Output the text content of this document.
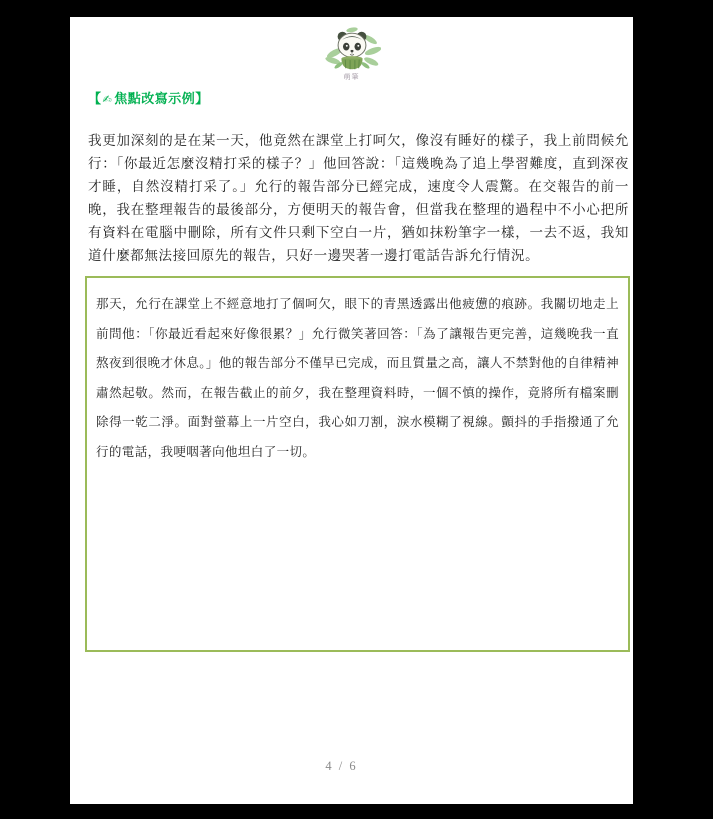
萌筆
【✍ 焦點改寫示例】
我更加深刻的是在某一天，他竟然在課堂上打呵欠，像沒有睡好的樣子，我上前問候允行：「你最近怎麼沒精打采的樣子？」他回答說：「這幾晚為了追上學習難度，直到深夜才睡，自然沒精打采了。」允行的報告部分已經完成，速度令人震驚。在交報告的前一晚，我在整理報告的最後部分，方便明天的報告會，但當我在整理的過程中不小心把所有資料在電腦中刪除，所有文件只剩下空白一片，猶如抹粉筆字一樣，一去不返，我知道什麼都無法接回原先的報告，只好一邊哭著一邊打電話告訴允行情況。
那天，允行在課堂上不經意地打了個呵欠，眼下的青黑透露出他疲憊的痕跡。我關切地走上前問他：「你最近看起來好像很累？」允行微笑著回答：「為了讓報告更完善，這幾晚我一直熬夜到很晚才休息。」他的報告部分不僅早已完成，而且質量之高，讓人不禁對他的自律精神肅然起敬。然而，在報告截止的前夕，我在整理資料時，一個不慎的操作，竟將所有檔案刪除得一乾二淨。面對螢幕上一片空白，我心如刀割，淚水模糊了視線。顫抖的手指撥通了允行的電話，我哽咽著向他坦白了一切。
4 / 6
